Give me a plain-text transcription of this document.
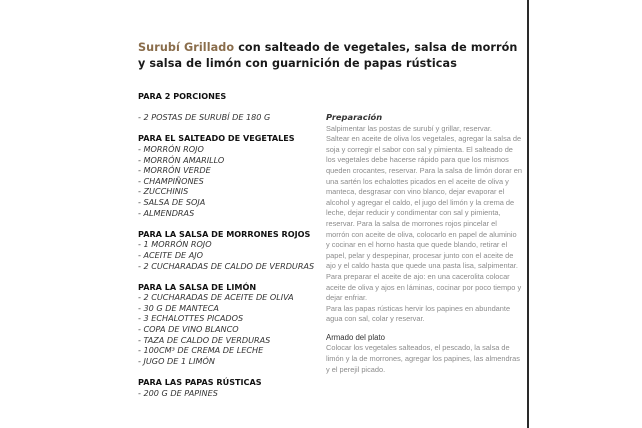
Surubí Grillado con salteado de vegetales, salsa de morrón y salsa de limón con guarnición de papas rústicas
PARA 2 PORCIONES
- 2 POSTAS DE SURUBÍ DE 180 G
PARA EL SALTEADO DE VEGETALES
- MORRÓN ROJO
- MORRÓN AMARILLO
- MORRÓN VERDE
- CHAMPIÑONES
- ZUCCHINIS
- SALSA DE SOJA
- ALMENDRAS
PARA LA SALSA DE MORRONES ROJOS
- 1 MORRÓN ROJO
- ACEITE DE AJO
- 2 CUCHARADAS DE CALDO DE VERDURAS
PARA LA SALSA DE LIMÓN
- 2 CUCHARADAS DE ACEITE DE OLIVA
- 30 G DE MANTECA
- 3 ECHALOTTES PICADOS
- COPA DE VINO BLANCO
- TAZA DE CALDO DE VERDURAS
- 100CM³ DE CREMA DE LECHE
- JUGO DE 1 LIMÓN
PARA LAS PAPAS RÚSTICAS
- 200 G DE PAPINES
Preparación

Salpimentar las postas de surubí y grillar, reservar.

Saltear en aceite de oliva los vegetales, agregar la salsa de soja y corregir el sabor con sal y pimienta. El salteado de los vegetales debe hacerse rápido para que los mismos queden crocantes, reservar. Para la salsa de limón dorar en una sartén los echalottes picados en el aceite de oliva y manteca, desgrasar con vino blanco, dejar evaporar el alcohol y agregar el caldo, el jugo del limón y la crema de leche, dejar reducir y condimentar con sal y pimienta, reservar. Para la salsa de morrones rojos pincelar el morrón con aceite de oliva, colocarlo en papel de aluminio y cocinar en el horno hasta que quede blando, retirar el papel, pelar y despepinar, procesar junto con el aceite de ajo y el caldo hasta que quede una pasta lisa, salpimentar.

Para preparar el aceite de ajo: en una cacerolita colocar aceite de oliva y ajos en láminas, cocinar por poco tiempo y dejar enfriar.

Para las papas rústicas hervir los papines en abundante agua con sal, colar y reservar.

Armado del plato

Colocar los vegetales salteados, el pescado, la salsa de limón y la de morrones, agregar los papines, las almendras y el perejil picado.
